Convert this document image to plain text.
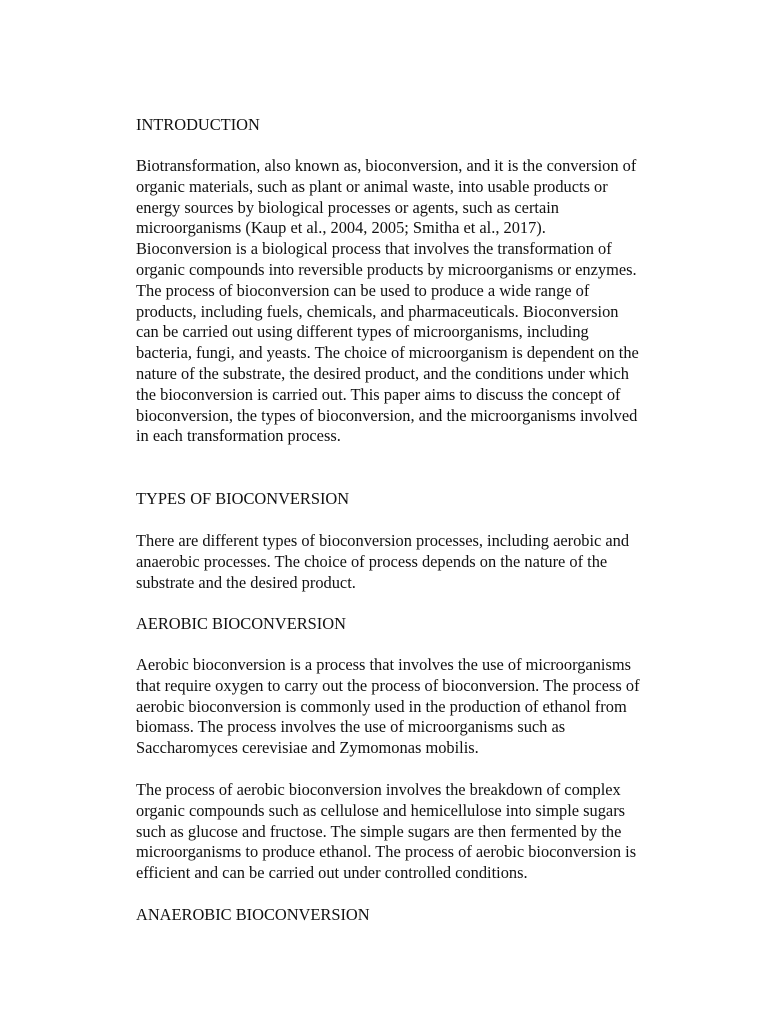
INTRODUCTION

Biotransformation, also known as, bioconversion, and it is the conversion of
organic materials, such as plant or animal waste, into usable products or
energy sources by biological processes or agents, such as certain
microorganisms (Kaup et al., 2004, 2005; Smitha et al., 2017).
Bioconversion is a biological process that involves the transformation of
organic compounds into reversible products by microorganisms or enzymes.
The process of bioconversion can be used to produce a wide range of
products, including fuels, chemicals, and pharmaceuticals. Bioconversion
can be carried out using different types of microorganisms, including
bacteria, fungi, and yeasts. The choice of microorganism is dependent on the
nature of the substrate, the desired product, and the conditions under which
the bioconversion is carried out. This paper aims to discuss the concept of
bioconversion, the types of bioconversion, and the microorganisms involved
in each transformation process.

TYPES OF BIOCONVERSION

There are different types of bioconversion processes, including aerobic and
anaerobic processes. The choice of process depends on the nature of the
substrate and the desired product.

AEROBIC BIOCONVERSION

Aerobic bioconversion is a process that involves the use of microorganisms
that require oxygen to carry out the process of bioconversion. The process of
aerobic bioconversion is commonly used in the production of ethanol from
biomass. The process involves the use of microorganisms such as
Saccharomyces cerevisiae and Zymomonas mobilis.

The process of aerobic bioconversion involves the breakdown of complex
organic compounds such as cellulose and hemicellulose into simple sugars
such as glucose and fructose. The simple sugars are then fermented by the
microorganisms to produce ethanol. The process of aerobic bioconversion is
efficient and can be carried out under controlled conditions.

ANAEROBIC BIOCONVERSION
